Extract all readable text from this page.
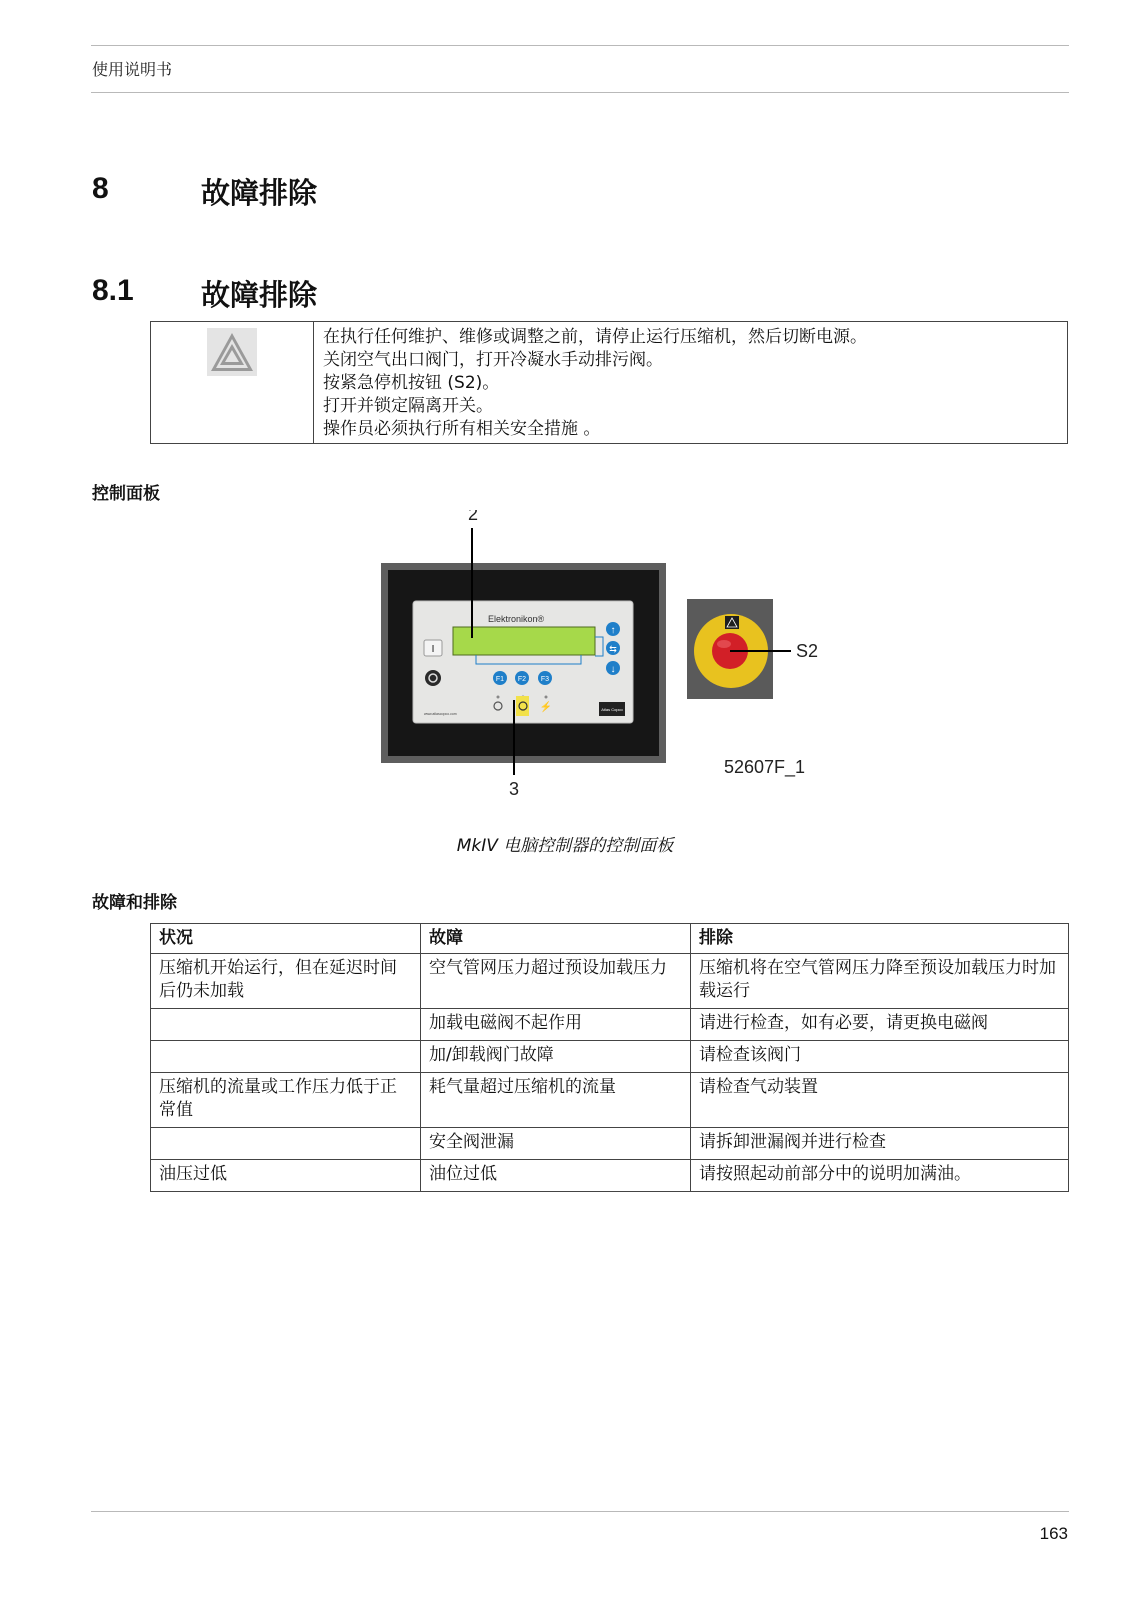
使用说明书
8	故障排除
8.1 故障排除
在执行任何维护、维修或调整之前，请停止运行压缩机，然后切断电源。
关闭空气出口阀门，打开冷凝水手动排污阀。
按紧急停机按钮 (S2)。
打开并锁定隔离开关。
操作员必须执行所有相关安全措施 。
控制面板
Elektronikon®
↑
⇆
↓
F1 F2 F3
I
⚡
www.atlascopco.com
Atlas Copco
2
3
S2
52607F_1
MkIV 电脑控制器的控制面板
故障和排除
状况	故障	排除
压缩机开始运行，但在延迟时间后仍未加载	空气管网压力超过预设加载压力	压缩机将在空气管网压力降至预设加载压力时加载运行
	加载电磁阀不起作用	请进行检查，如有必要，请更换电磁阀
	加/卸载阀门故障	请检查该阀门
压缩机的流量或工作压力低于正常值	耗气量超过压缩机的流量	请检查气动装置
	安全阀泄漏	请拆卸泄漏阀并进行检查
油压过低	油位过低	请按照起动前部分中的说明加满油。
163
